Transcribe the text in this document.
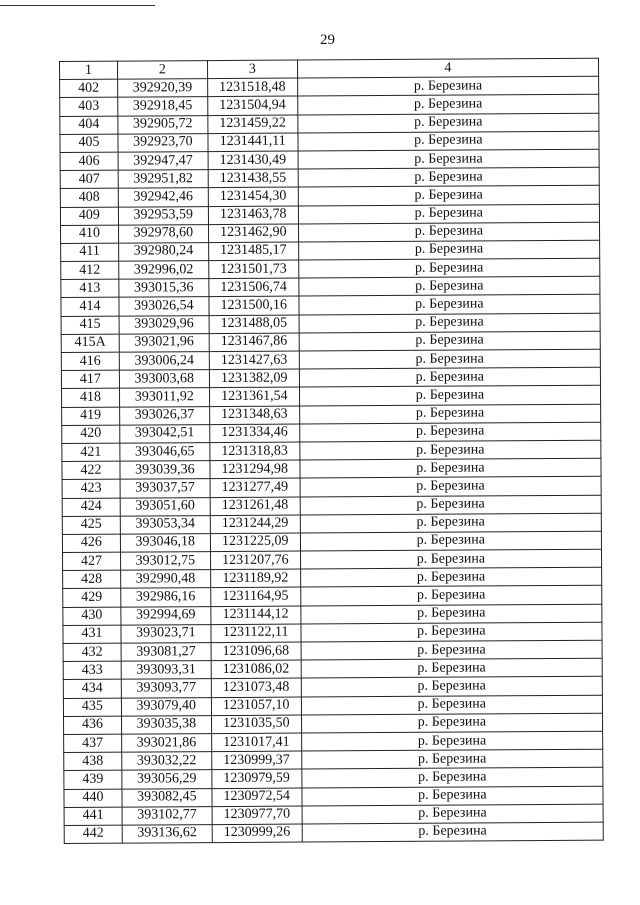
29
1	2	3	4
402	392920,39	1231518,48	р. Березина
403	392918,45	1231504,94	р. Березина
404	392905,72	1231459,22	р. Березина
405	392923,70	1231441,11	р. Березина
406	392947,47	1231430,49	р. Березина
407	392951,82	1231438,55	р. Березина
408	392942,46	1231454,30	р. Березина
409	392953,59	1231463,78	р. Березина
410	392978,60	1231462,90	р. Березина
411	392980,24	1231485,17	р. Березина
412	392996,02	1231501,73	р. Березина
413	393015,36	1231506,74	р. Березина
414	393026,54	1231500,16	р. Березина
415	393029,96	1231488,05	р. Березина
415А	393021,96	1231467,86	р. Березина
416	393006,24	1231427,63	р. Березина
417	393003,68	1231382,09	р. Березина
418	393011,92	1231361,54	р. Березина
419	393026,37	1231348,63	р. Березина
420	393042,51	1231334,46	р. Березина
421	393046,65	1231318,83	р. Березина
422	393039,36	1231294,98	р. Березина
423	393037,57	1231277,49	р. Березина
424	393051,60	1231261,48	р. Березина
425	393053,34	1231244,29	р. Березина
426	393046,18	1231225,09	р. Березина
427	393012,75	1231207,76	р. Березина
428	392990,48	1231189,92	р. Березина
429	392986,16	1231164,95	р. Березина
430	392994,69	1231144,12	р. Березина
431	393023,71	1231122,11	р. Березина
432	393081,27	1231096,68	р. Березина
433	393093,31	1231086,02	р. Березина
434	393093,77	1231073,48	р. Березина
435	393079,40	1231057,10	р. Березина
436	393035,38	1231035,50	р. Березина
437	393021,86	1231017,41	р. Березина
438	393032,22	1230999,37	р. Березина
439	393056,29	1230979,59	р. Березина
440	393082,45	1230972,54	р. Березина
441	393102,77	1230977,70	р. Березина
442	393136,62	1230999,26	р. Березина
